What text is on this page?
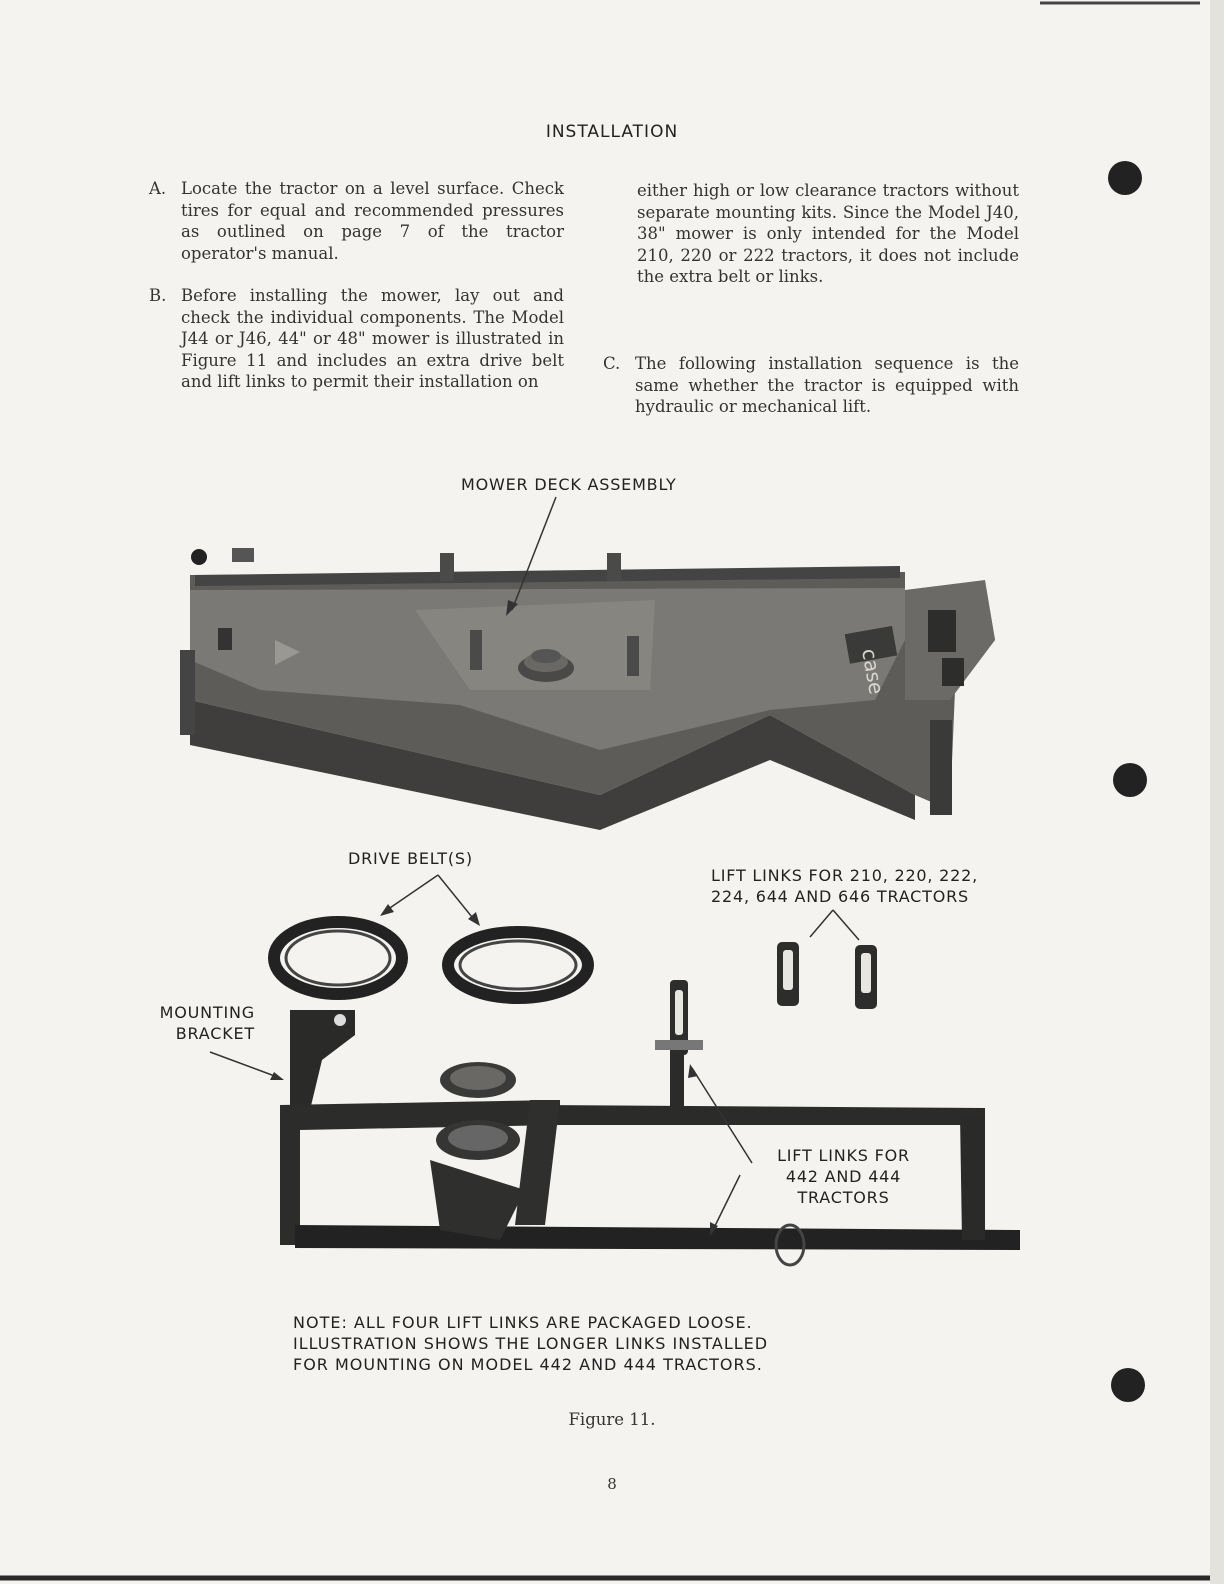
INSTALLATION
A. Locate the tractor on a level surface. Check tires for equal and recommended pressures as outlined on page 7 of the tractor operator's manual.
B. Before installing the mower, lay out and check the individual components. The Model J44 or J46, 44" or 48" mower is illustrated in Figure 11 and includes an extra drive belt and lift links to permit their installation on
either high or low clearance tractors without separate mounting kits. Since the Model J40, 38" mower is only intended for the Model 210, 220 or 222 tractors, it does not include the extra belt or links.
C. The following installation sequence is the same whether the tractor is equipped with hydraulic or mechanical lift.
case
MOWER DECK ASSEMBLY
DRIVE BELT(S)
LIFT LINKS FOR 210, 220, 222,
224, 644 AND 646 TRACTORS
MOUNTING
BRACKET
LIFT LINKS FOR
442 AND 444
TRACTORS
NOTE: ALL FOUR LIFT LINKS ARE PACKAGED LOOSE.
ILLUSTRATION SHOWS THE LONGER LINKS INSTALLED
FOR MOUNTING ON MODEL 442 AND 444 TRACTORS.
Figure 11.
8
